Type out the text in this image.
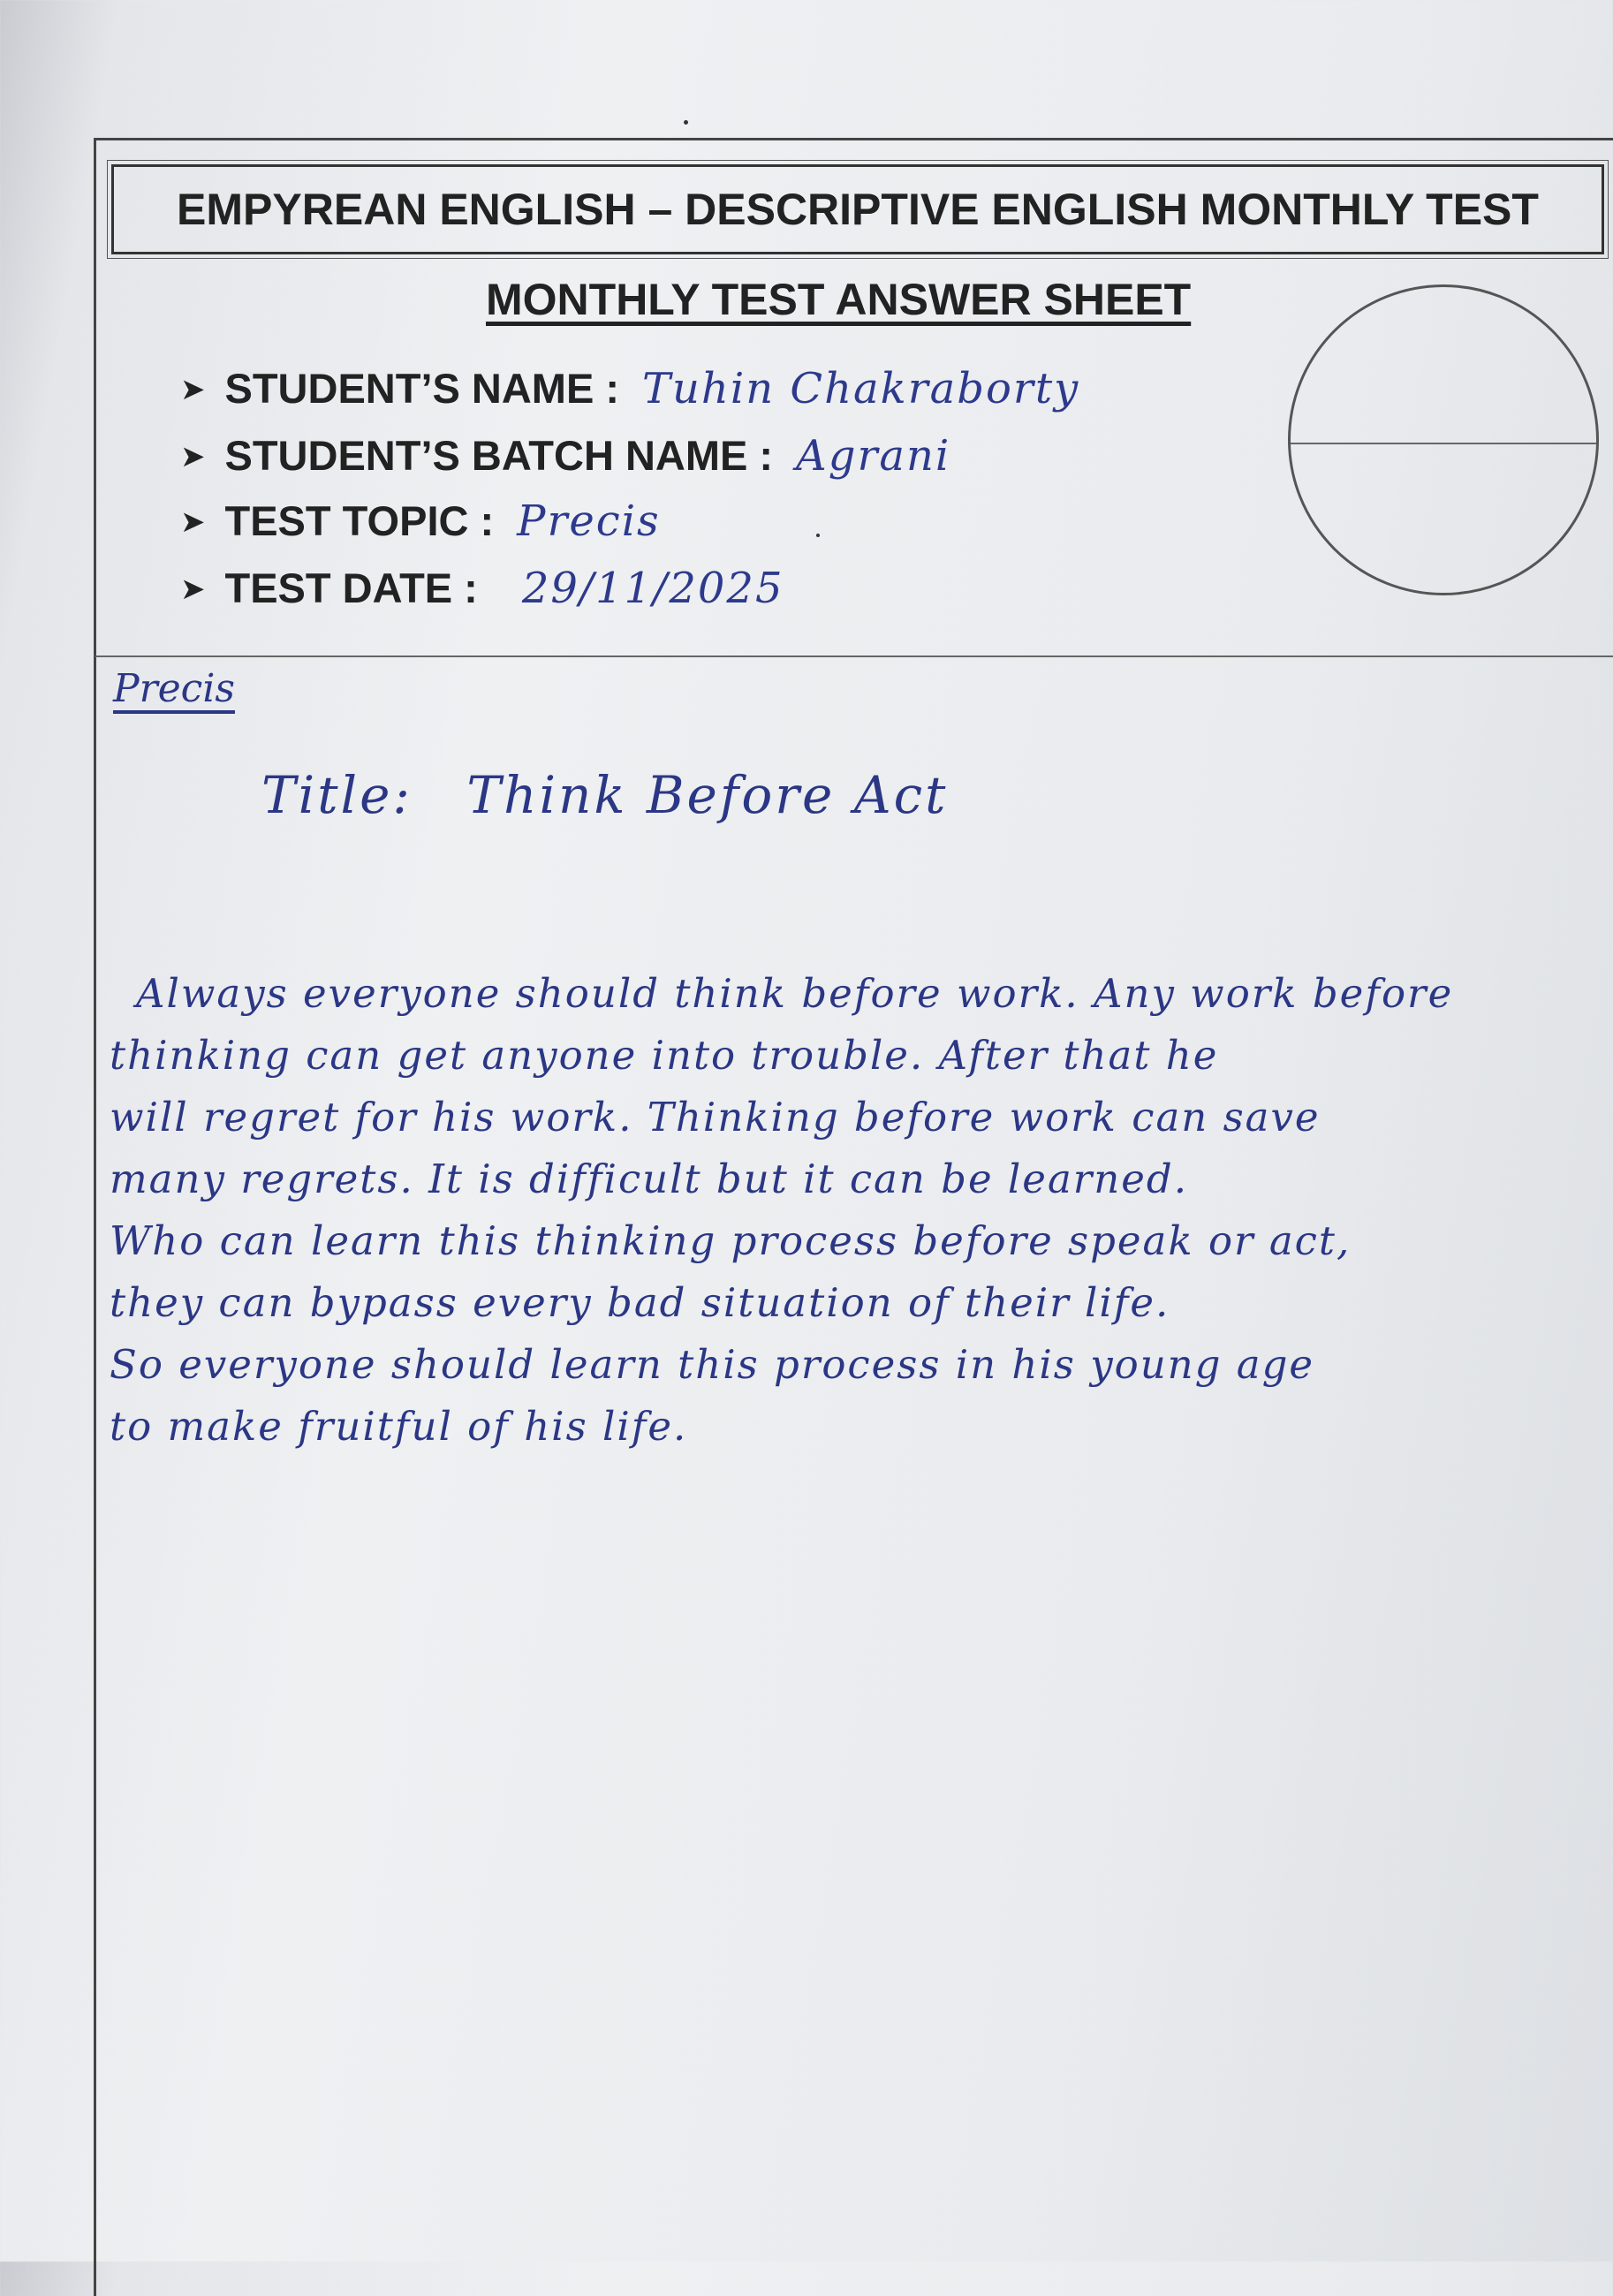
EMPYREAN ENGLISH – DESCRIPTIVE ENGLISH MONTHLY TEST
MONTHLY TEST ANSWER SHEET
➤ STUDENT’S NAME : Tuhin Chakraborty
➤ STUDENT’S BATCH NAME : Agrani
➤ TEST TOPIC : Precis
➤ TEST DATE : 29/11/2025
Precis
Title: Think Before Act
Always everyone should think before work. Any work before
thinking can get anyone into trouble. After that he
will regret for his work. Thinking before work can save
many regrets. It is difficult but it can be learned.
Who can learn this thinking process before speak or act,
they can bypass every bad situation of their life.
So everyone should learn this process in his young age
to make fruitful of his life.
